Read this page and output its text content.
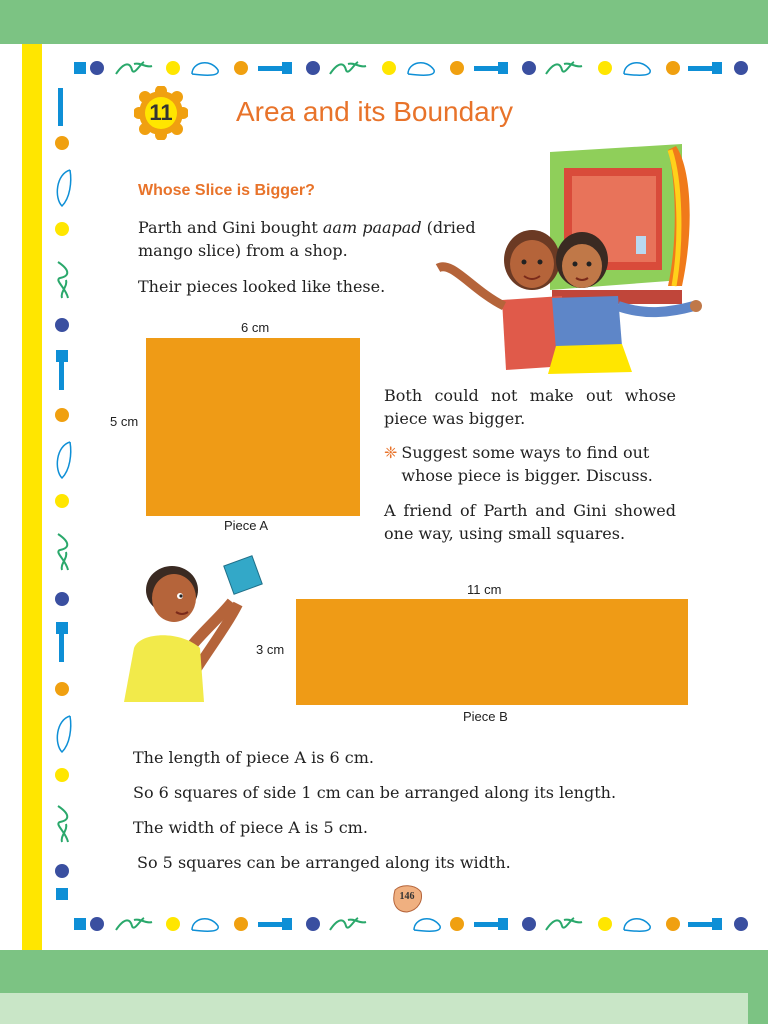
11	Area and its Boundary
Whose Slice is Bigger?
Parth and Gini bought aam paapad (dried
mango slice) from a shop.
Their pieces looked like these.
6 cm
5 cm
Piece A
Both could not make out whose piece was bigger.
❈ Suggest some ways to find out whose piece is bigger. Discuss.
A friend of Parth and Gini showed one way, using small squares.
11 cm
3 cm
Piece B
The length of piece A is 6 cm.
So 6 squares of side 1 cm can be arranged along its length.
The width of piece A is 5 cm.
So 5 squares can be arranged along its width.
146
